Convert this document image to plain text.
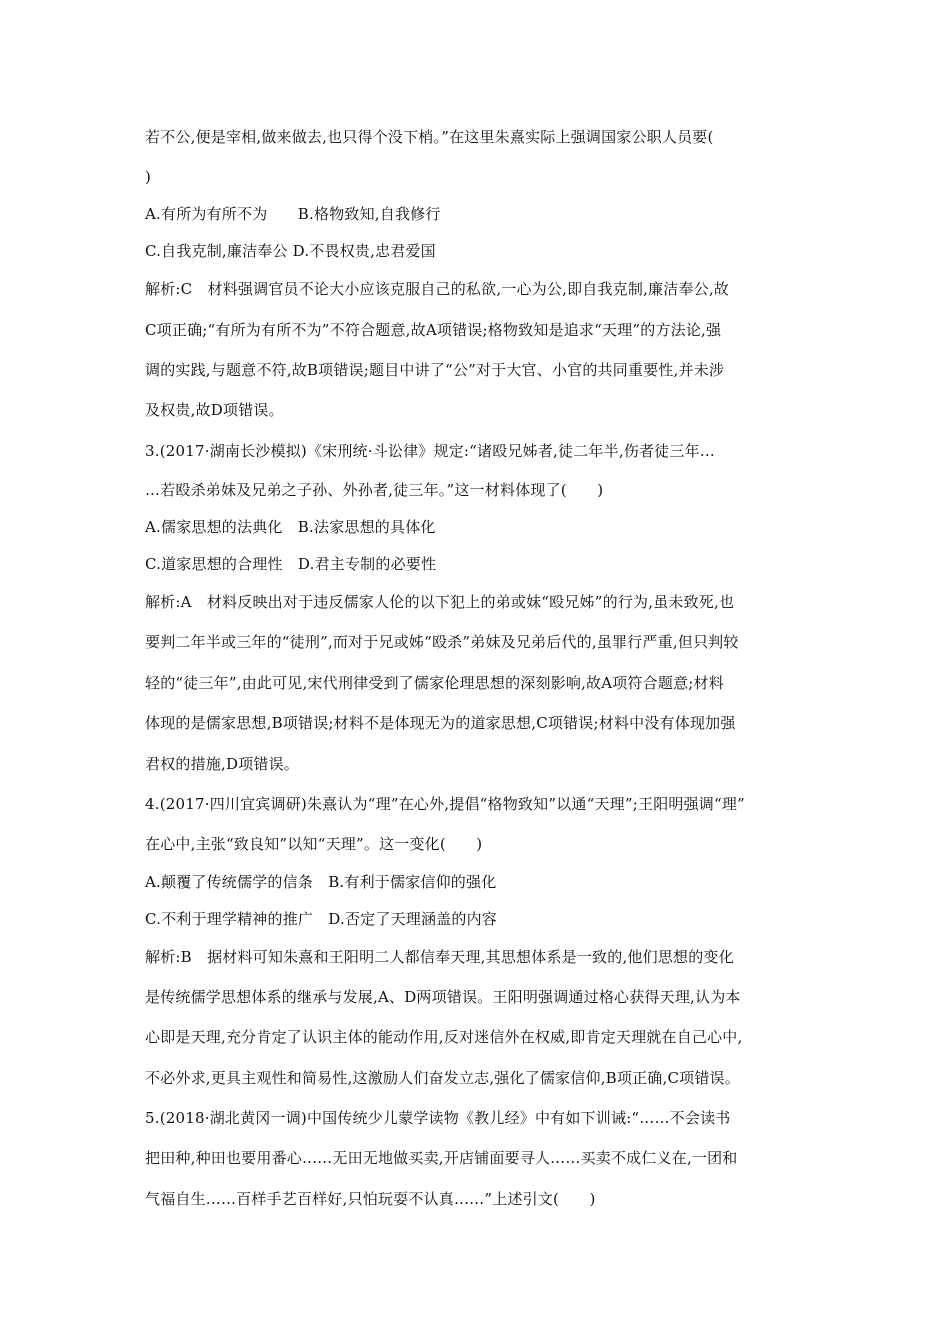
若不公,便是宰相,做来做去,也只得个没下梢。”在这里朱熹实际上强调国家公职人员要(
)
A.有所为有所不为　　B.格物致知,自我修行
C.自我克制,廉洁奉公 D.不畏权贵,忠君爱国
解析:C　材料强调官员不论大小应该克服自己的私欲,一心为公,即自我克制,廉洁奉公,故
C项正确;“有所为有所不为”不符合题意,故A项错误;格物致知是追求“天理”的方法论,强
调的实践,与题意不符,故B项错误;题目中讲了“公”对于大官、小官的共同重要性,并未涉
及权贵,故D项错误。
3.(2017·湖南长沙模拟)《宋刑统·斗讼律》规定:“诸殴兄姊者,徒二年半,伤者徒三年…
…若殴杀弟妹及兄弟之子孙、外孙者,徒三年。”这一材料体现了(　　)
A.儒家思想的法典化　B.法家思想的具体化
C.道家思想的合理性　D.君主专制的必要性
解析:A　材料反映出对于违反儒家人伦的以下犯上的弟或妹“殴兄姊”的行为,虽未致死,也
要判二年半或三年的“徒刑”,而对于兄或姊“殴杀”弟妹及兄弟后代的,虽罪行严重,但只判较
轻的“徒三年”,由此可见,宋代刑律受到了儒家伦理思想的深刻影响,故A项符合题意;材料
体现的是儒家思想,B项错误;材料不是体现无为的道家思想,C项错误;材料中没有体现加强
君权的措施,D项错误。
4.(2017·四川宜宾调研)朱熹认为“理”在心外,提倡“格物致知”以通“天理”;王阳明强调“理”
在心中,主张“致良知”以知“天理”。这一变化(　　)
A.颠覆了传统儒学的信条　B.有利于儒家信仰的强化
C.不利于理学精神的推广　D.否定了天理涵盖的内容
解析:B　据材料可知朱熹和王阳明二人都信奉天理,其思想体系是一致的,他们思想的变化
是传统儒学思想体系的继承与发展,A、D两项错误。王阳明强调通过格心获得天理,认为本
心即是天理,充分肯定了认识主体的能动作用,反对迷信外在权威,即肯定天理就在自己心中,
不必外求,更具主观性和简易性,这激励人们奋发立志,强化了儒家信仰,B项正确,C项错误。
5.(2018·湖北黄冈一调)中国传统少儿蒙学读物《教儿经》中有如下训诫:“……不会读书
把田种,种田也要用番心……无田无地做买卖,开店铺面要寻人……买卖不成仁义在,一团和
气福自生……百样手艺百样好,只怕玩耍不认真……”上述引文(　　)
